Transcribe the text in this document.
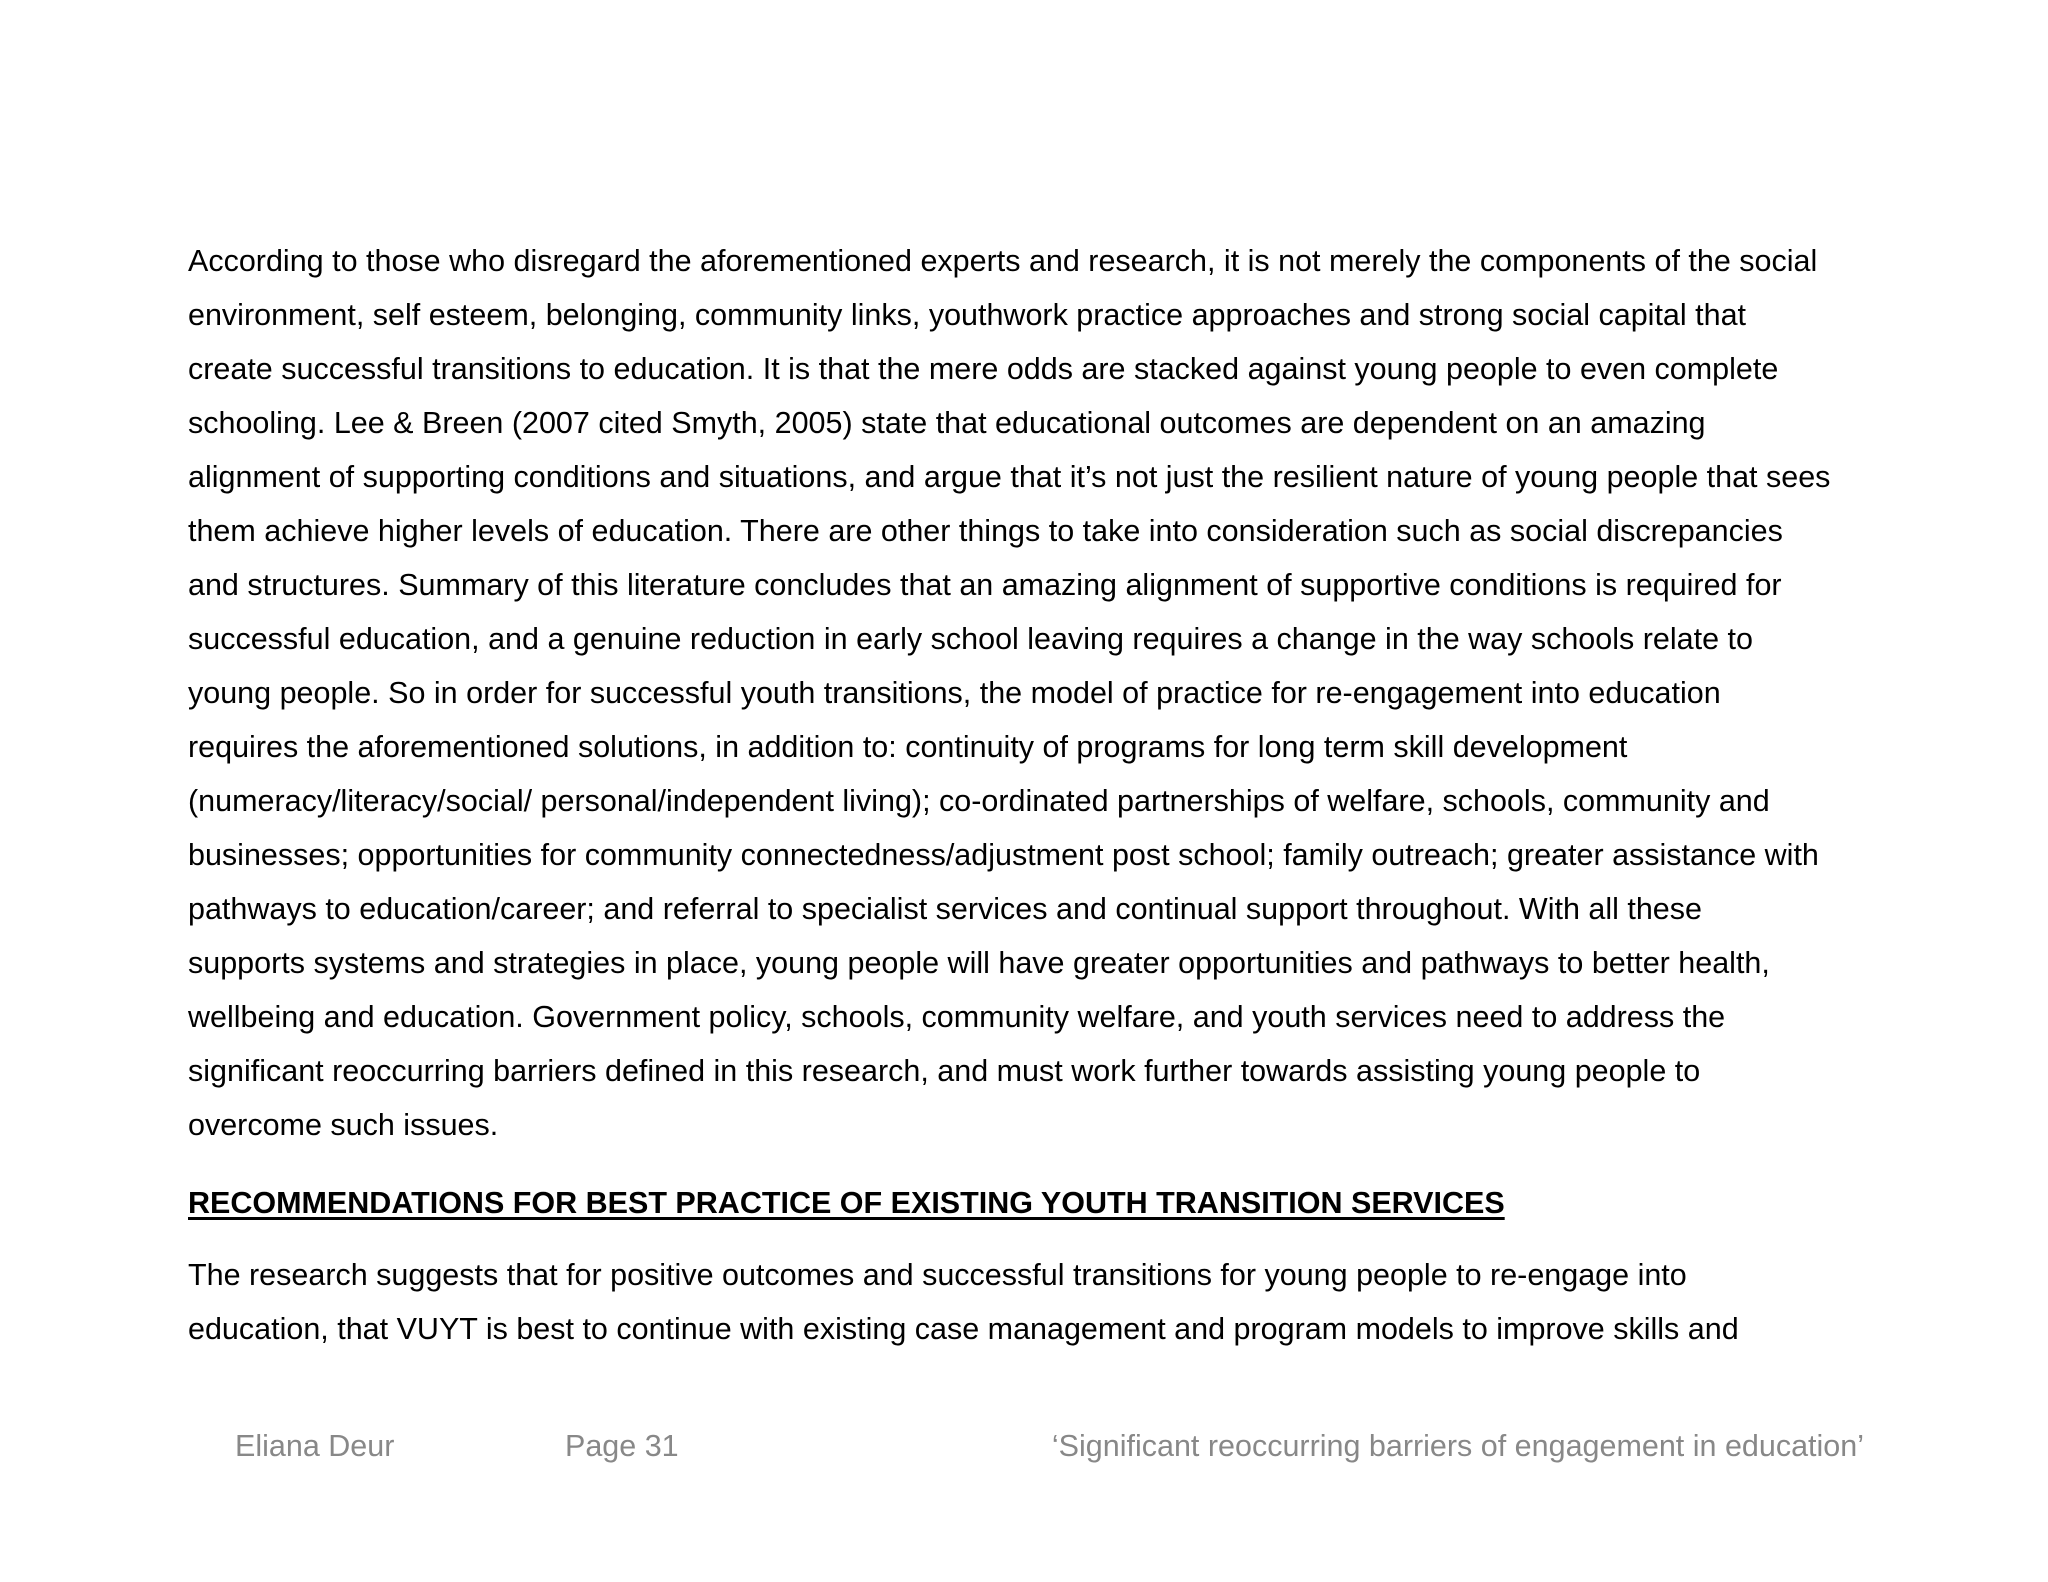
According to those who disregard the aforementioned experts and research, it is not merely the components of the social
environment, self esteem, belonging, community links, youthwork practice approaches and strong social capital that
create successful transitions to education. It is that the mere odds are stacked against young people to even complete
schooling. Lee & Breen (2007 cited Smyth, 2005) state that educational outcomes are dependent on an amazing
alignment of supporting conditions and situations, and argue that it’s not just the resilient nature of young people that sees
them achieve higher levels of education. There are other things to take into consideration such as social discrepancies
and structures. Summary of this literature concludes that an amazing alignment of supportive conditions is required for
successful education, and a genuine reduction in early school leaving requires a change in the way schools relate to
young people. So in order for successful youth transitions, the model of practice for re-engagement into education
requires the aforementioned solutions, in addition to: continuity of programs for long term skill development
(numeracy/literacy/social/ personal/independent living); co-ordinated partnerships of welfare, schools, community and
businesses; opportunities for community connectedness/adjustment post school; family outreach; greater assistance with
pathways to education/career; and referral to specialist services and continual support throughout. With all these
supports systems and strategies in place, young people will have greater opportunities and pathways to better health,
wellbeing and education. Government policy, schools, community welfare, and youth services need to address the
significant reoccurring barriers defined in this research, and must work further towards assisting young people to
overcome such issues.
RECOMMENDATIONS FOR BEST PRACTICE OF EXISTING YOUTH TRANSITION SERVICES
The research suggests that for positive outcomes and successful transitions for young people to re-engage into
education, that VUYT is best to continue with existing case management and program models to improve skills and
Eliana Deur	Page 31	‘Significant reoccurring barriers of engagement in education’
